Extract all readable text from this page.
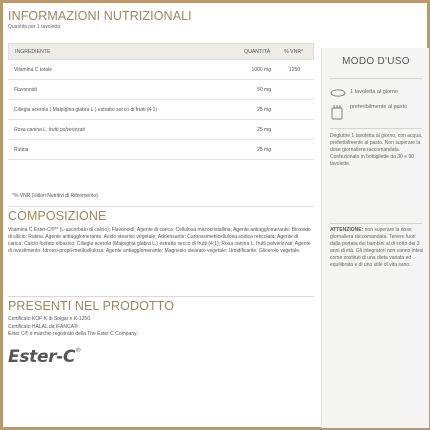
INFORMAZIONI NUTRIZIONALI
Quantità per 1 tavoletta:
INGREDIENTE	QUANTITÀ	% VNR*
Vitamina C totale	1000 mg	1250
Flavonoidi	50 mg
Ciliegia acerola ( Malpighia glabra L.) estratto secco di frutti (4:1)	25 mg
Rosa canina L. frutti polverizzati	25 mg
Rutina	25 mg
*% VNR (Valori Nutritivi di Riferimento)
COMPOSIZIONE
Vitamina C Ester-C®** (L-ascorbato di calcio); Flavonoidi; Agente di carica: Cellulosa microcristallina; Agente antiagglomerante: Biossido di silicio; Rutina. Agente antiagglomerante: Acido stearico vegetale; Addensante: Carbossimetilcellulosa sodica reticolata; Agente di carica: Calcio fosfato dibasico; Ciliegia acerola (Malpighia glabra L.) estratto secco di frutti (4:1); Rosa canina L. frutti polverizzati; Agente di rivestimento: Idrossi-propil-metilcellulosa; Agente antiagglomerante: Magnesio stearato vegetale; Umidificante: Glicerolo vegetale.
PRESENTI NEL PRODOTTO
Certificato KOF-K di Solgar n.K-1250.
Certificato HALAL da IFANCA®
Ester C® è marchio registrato della The Ester C Company.
Ester-C®
MODO D'USO
1 tavoletta al giorno
preferibilmente al pasto
Deglutire 1 tavoletta al giorno, con acqua, preferibilmente al pasto. Non superare la dose giornaliera raccomandata. Confezionato in bottigliette da 30 e 90 tavolette.
ATTENZIONE: non superare la dose giornaliera raccomandata. Tenere fuori dalla portata dei bambini al di sotto dei 3 anni di età. Gli integratori non vanno intesi come sostituti di una dieta variata ed equilibrata e di uno stile di vita sano.
